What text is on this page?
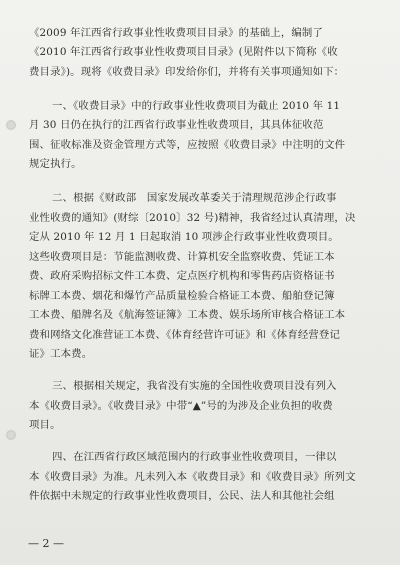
《2009 年江西省行政事业性收费项目目录》的基础上，编制了
《2010 年江西省行政事业性收费项目目录》(见附件以下简称《收
费目录》)。现将《收费目录》印发给你们，并将有关事项通知如下：
一、《收费目录》中的行政事业性收费项目为截止 2010 年 11
月 30 日仍在执行的江西省行政事业性收费项目，其具体征收范
围、征收标准及资金管理方式等，应按照《收费目录》中注明的文件
规定执行。
二、根据《财政部　国家发展改革委关于清理规范涉企行政事
业性收费的通知》(财综〔2010〕32 号)精神，我省经过认真清理，决
定从 2010 年 12 月 1 日起取消 10 项涉企行政事业性收费项目。
这些收费项目是：节能监测收费、计算机安全监察收费、凭证工本
费、政府采购招标文件工本费、定点医疗机构和零售药店资格证书
标牌工本费、烟花和爆竹产品质量检验合格证工本费、船舶登记簿
工本费、船牌名及《航海签证簿》工本费、娱乐场所审核合格证工本
费和网络文化准营证工本费、《体育经营许可证》和《体育经营登记
证》工本费。
三、根据相关规定，我省没有实施的全国性收费项目没有列入
本《收费目录》。《收费目录》中带“▲”号的为涉及企业负担的收费
项目。
四、在江西省行政区域范围内的行政事业性收费项目，一律以
本《收费目录》为准。凡未列入本《收费目录》和《收费目录》所列文
件依据中未规定的行政事业性收费项目，公民、法人和其他社会组
— 2 —
